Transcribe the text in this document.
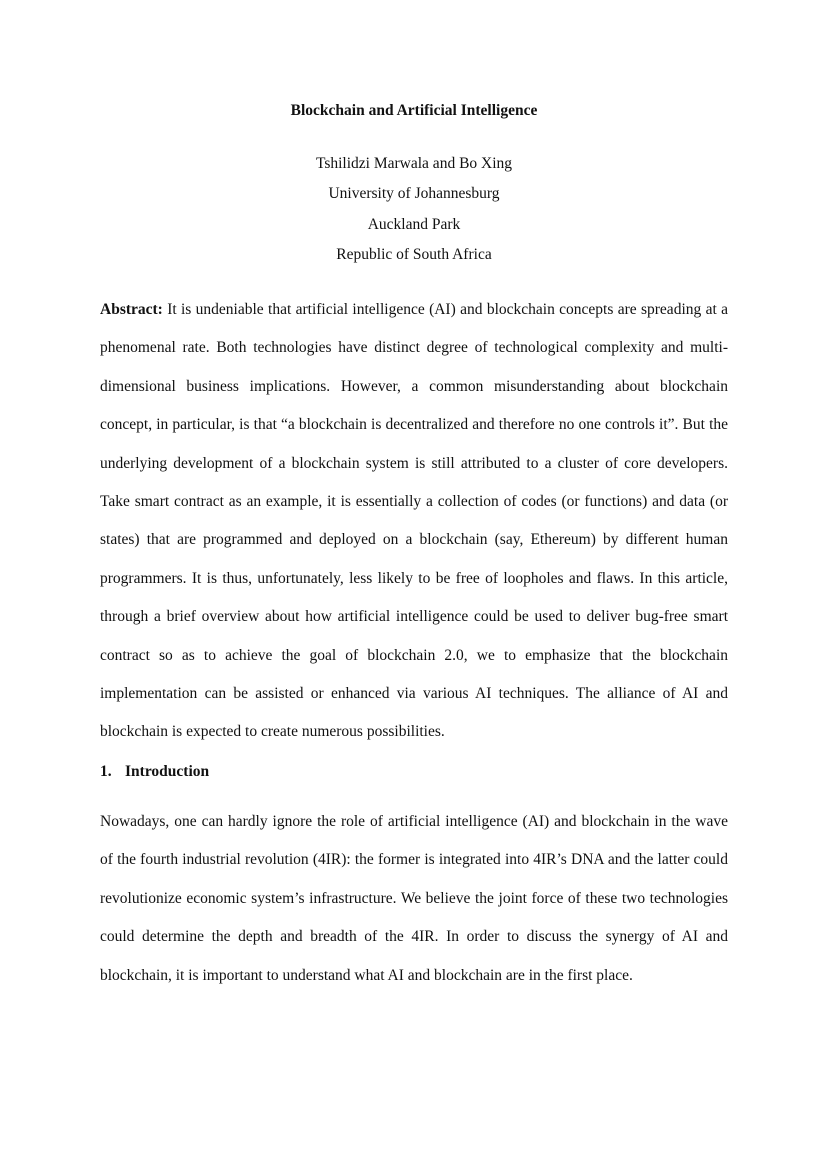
Blockchain and Artificial Intelligence
Tshilidzi Marwala and Bo Xing
University of Johannesburg
Auckland Park
Republic of South Africa

Abstract: It is undeniable that artificial intelligence (AI) and blockchain concepts are spreading at a phenomenal rate. Both technologies have distinct degree of technological complexity and multi-dimensional business implications. However, a common misunderstanding about blockchain concept, in particular, is that “a blockchain is decentralized and therefore no one controls it”. But the underlying development of a blockchain system is still attributed to a cluster of core developers. Take smart contract as an example, it is essentially a collection of codes (or functions) and data (or states) that are programmed and deployed on a blockchain (say, Ethereum) by different human programmers. It is thus, unfortunately, less likely to be free of loopholes and flaws. In this article, through a brief overview about how artificial intelligence could be used to deliver bug-free smart contract so as to achieve the goal of blockchain 2.0, we to emphasize that the blockchain implementation can be assisted or enhanced via various AI techniques. The alliance of AI and blockchain is expected to create numerous possibilities.

1. Introduction

Nowadays, one can hardly ignore the role of artificial intelligence (AI) and blockchain in the wave of the fourth industrial revolution (4IR): the former is integrated into 4IR’s DNA and the latter could revolutionize economic system’s infrastructure. We believe the joint force of these two technologies could determine the depth and breadth of the 4IR. In order to discuss the synergy of AI and blockchain, it is important to understand what AI and blockchain are in the first place.
